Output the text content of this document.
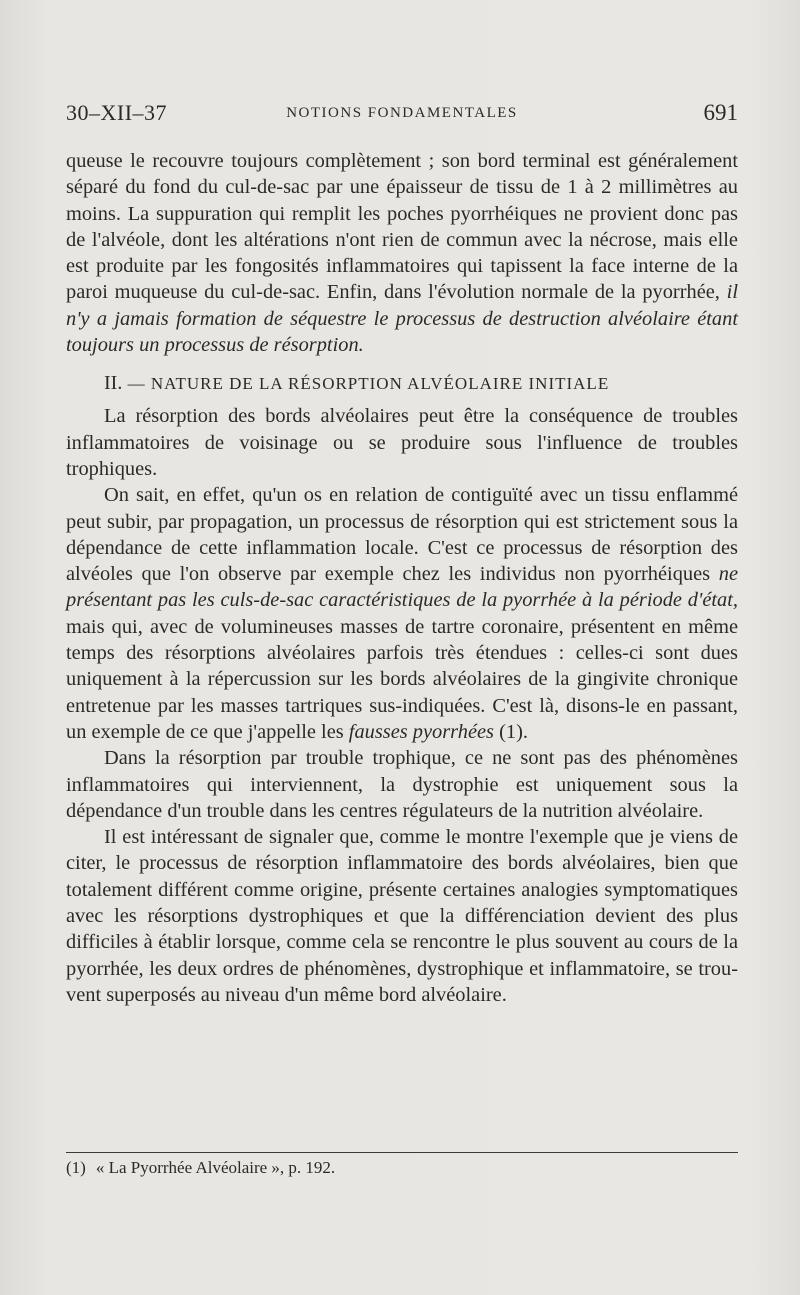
30–XII–37	NOTIONS FONDAMENTALES	691

queuse le recouvre toujours complètement ; son bord terminal est généralement séparé du fond du cul-de-sac par une épaisseur de tissu de 1 à 2 millimètres au moins. La suppuration qui remplit les poches pyorrhéiques ne provient donc pas de l'alvéole, dont les altérations n'ont rien de commun avec la nécrose, mais elle est produite par les fongosités inflammatoires qui tapissent la face interne de la paroi muqueuse du cul-de-sac. Enfin, dans l'évolution normale de la pyorrhée, il n'y a jamais formation de séquestre le processus de destruction alvéolaire étant toujours un processus de résorption.

II. — NATURE DE LA RÉSORPTION ALVÉOLAIRE INITIALE

La résorption des bords alvéolaires peut être la conséquence de troubles inflammatoires de voisinage ou se produire sous l'influence de troubles trophiques.

On sait, en effet, qu'un os en relation de contiguïté avec un tissu enflammé peut subir, par propagation, un processus de résorption qui est strictement sous la dépendance de cette inflammation locale. C'est ce processus de résorption des alvéoles que l'on observe par exemple chez les individus non pyorrhéiques ne présentant pas les culs-de-sac caractéristiques de la pyorrhée à la période d'état, mais qui, avec de volumineuses masses de tartre coronaire, présentent en même temps des résorptions alvéolaires parfois très étendues : celles-ci sont dues uniquement à la répercussion sur les bords alvéolaires de la gingivite chronique entretenue par les masses tartriques sus-indiquées. C'est là, disons-le en passant, un exemple de ce que j'appelle les fausses pyorrhées (1).

Dans la résorption par trouble trophique, ce ne sont pas des phénomènes inflammatoires qui interviennent, la dystrophie est uniquement sous la dépendance d'un trouble dans les centres régulateurs de la nutrition alvéolaire.

Il est intéressant de signaler que, comme le montre l'exemple que je viens de citer, le processus de résorption inflammatoire des bords alvéolaires, bien que totalement différent comme origine, présente certaines analogies symptomatiques avec les résorptions dystrophiques et que la différenciation devient des plus difficiles à établir lorsque, comme cela se rencontre le plus souvent au cours de la pyorrhée, les deux ordres de phénomènes, dystrophique et inflammatoire, se trouvent superposés au niveau d'un même bord alvéolaire.

(1) « La Pyorrhée Alvéolaire », p. 192.
